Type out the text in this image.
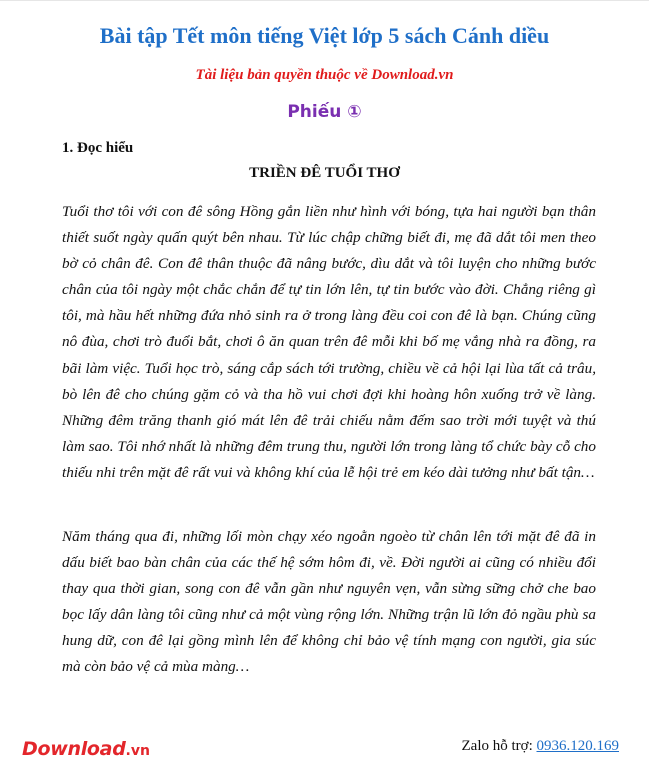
Bài tập Tết môn tiếng Việt lớp 5 sách Cánh diều
Tài liệu bản quyền thuộc về Download.vn
Phiếu ①
1. Đọc hiểu
TRIỀN ĐÊ TUỔI THƠ

Tuổi thơ tôi với con đê sông Hồng gắn liền như hình với bóng, tựa hai người bạn thân thiết suốt ngày quấn quýt bên nhau. Từ lúc chập chững biết đi, mẹ đã dắt tôi men theo bờ cỏ chân đê. Con đê thân thuộc đã nâng bước, dìu dắt và tôi luyện cho những bước chân của tôi ngày một chắc chắn để tự tin lớn lên, tự tin bước vào đời. Chẳng riêng gì tôi, mà hầu hết những đứa nhỏ sinh ra ở trong làng đều coi con đê là bạn. Chúng cũng nô đùa, chơi trò đuổi bắt, chơi ô ăn quan trên đê mỗi khi bố mẹ vắng nhà ra đồng, ra bãi làm việc. Tuổi học trò, sáng cắp sách tới trường, chiều về cả hội lại lùa tất cả trâu, bò lên đê cho chúng gặm cỏ và tha hồ vui chơi đợi khi hoàng hôn xuống trở về làng. Những đêm trăng thanh gió mát lên đê trải chiếu nằm đếm sao trời mới tuyệt và thú làm sao. Tôi nhớ nhất là những đêm trung thu, người lớn trong làng tổ chức bày cỗ cho thiếu nhi trên mặt đê rất vui và không khí của lễ hội trẻ em kéo dài tưởng như bất tận…

Năm tháng qua đi, những lối mòn chạy xéo ngoằn ngoèo từ chân lên tới mặt đê đã in dấu biết bao bàn chân của các thế hệ sớm hôm đi, về. Đời người ai cũng có nhiều đổi thay qua thời gian, song con đê vẫn gần như nguyên vẹn, vẫn sừng sững chở che bao bọc lấy dân làng tôi cũng như cả một vùng rộng lớn. Những trận lũ lớn đỏ ngầu phù sa hung dữ, con đê lại gồng mình lên để không chỉ bảo vệ tính mạng con người, gia súc mà còn bảo vệ cả mùa màng…

Download.vn	Zalo hỗ trợ: 0936.120.169
